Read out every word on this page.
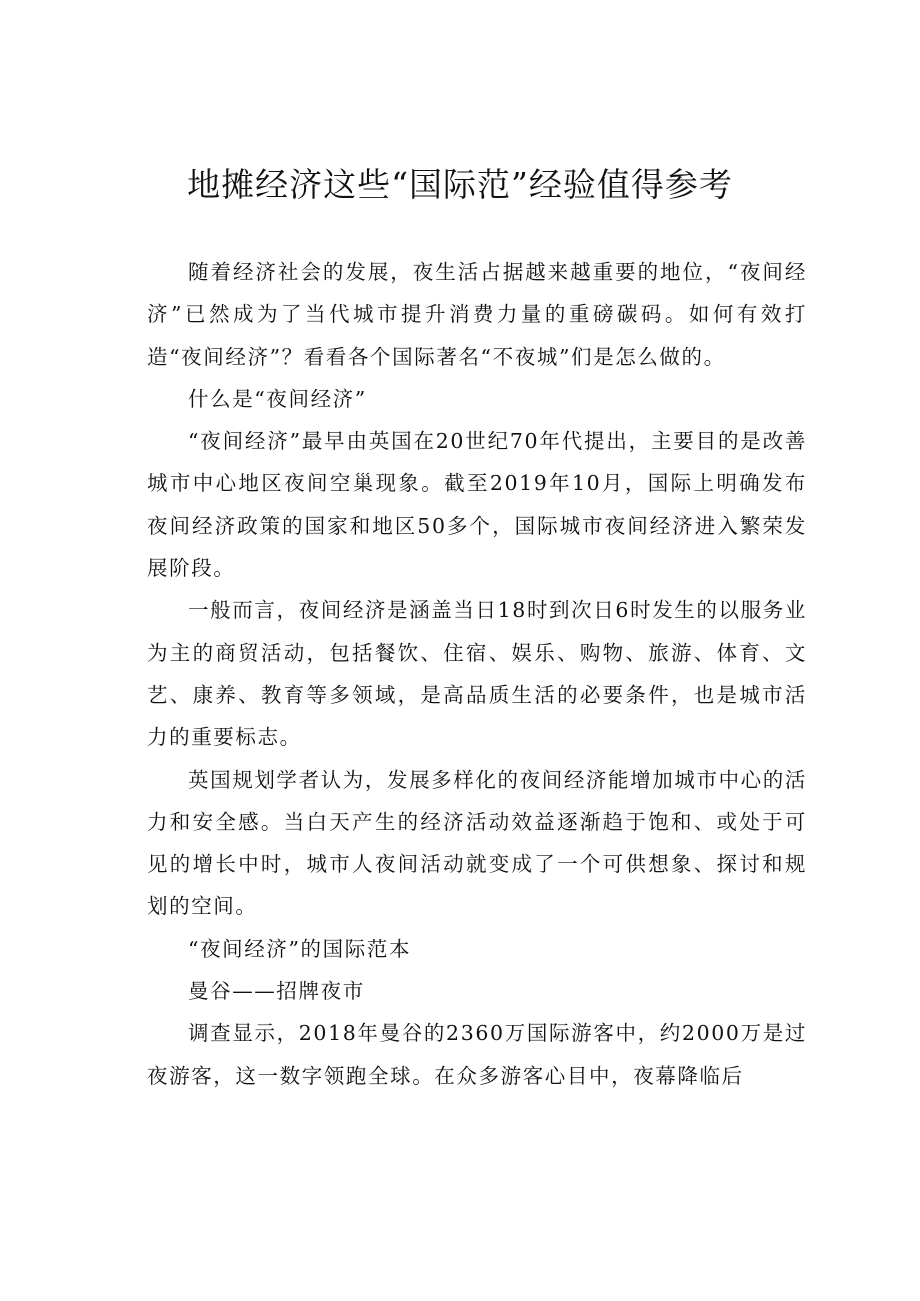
地摊经济这些“国际范”经验值得参考

随着经济社会的发展，夜生活占据越来越重要的地位，“夜间经济”已然成为了当代城市提升消费力量的重磅碳码。如何有效打造“夜间经济”？看看各个国际著名“不夜城”们是怎么做的。

什么是“夜间经济”

“夜间经济”最早由英国在20世纪70年代提出，主要目的是改善城市中心地区夜间空巢现象。截至2019年10月，国际上明确发布夜间经济政策的国家和地区50多个，国际城市夜间经济进入繁荣发展阶段。

一般而言，夜间经济是涵盖当日18时到次日6时发生的以服务业为主的商贸活动，包括餐饮、住宿、娱乐、购物、旅游、体育、文艺、康养、教育等多领域，是高品质生活的必要条件，也是城市活力的重要标志。

英国规划学者认为，发展多样化的夜间经济能增加城市中心的活力和安全感。当白天产生的经济活动效益逐渐趋于饱和、或处于可见的增长中时，城市人夜间活动就变成了一个可供想象、探讨和规划的空间。

“夜间经济”的国际范本

曼谷——招牌夜市

调查显示，2018年曼谷的2360万国际游客中，约2000万是过夜游客，这一数字领跑全球。在众多游客心目中，夜幕降临后
